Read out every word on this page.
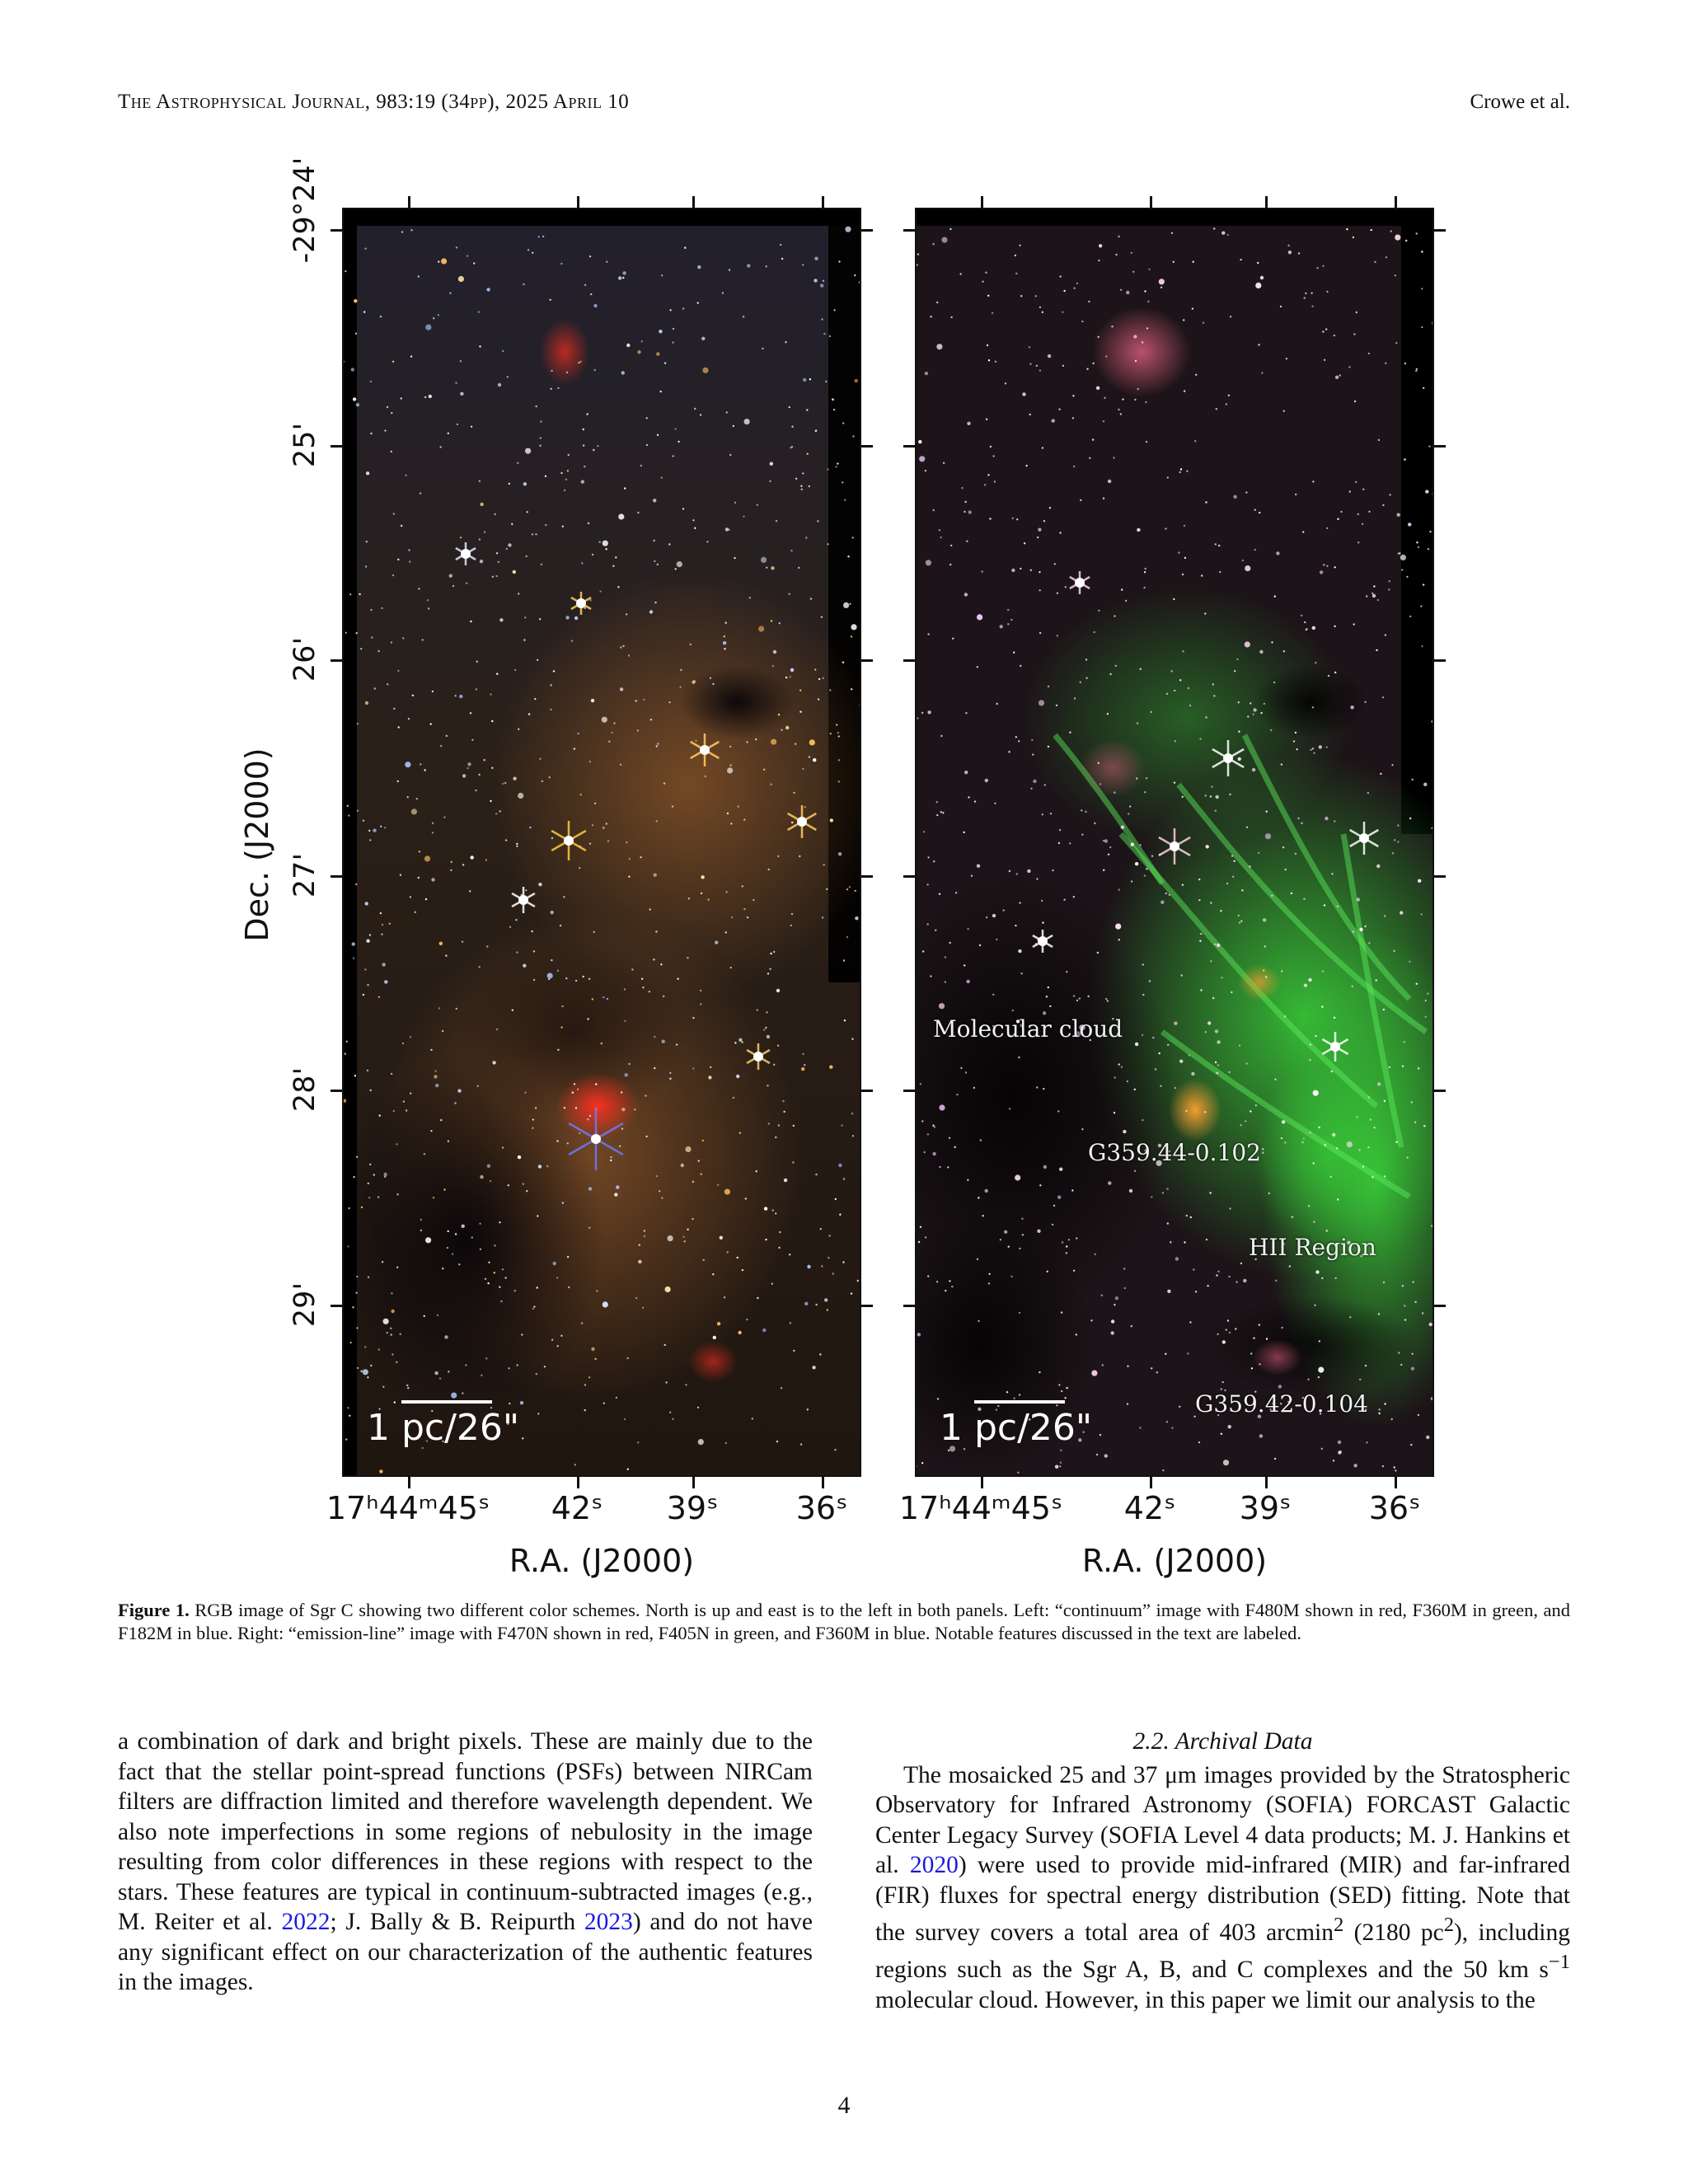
The Astrophysical Journal, 983:19 (34pp), 2025 April 10	Crowe et al.
Dec. (J2000)
-29°24'
25'
26'
27'
28'
29'
1 pc/26"
Molecular cloud
G359.44-0.102
HII Region
G359.42-0.104
1 pc/26"
17ʰ44ᵐ45ˢ 42ˢ 39ˢ 36ˢ
R.A. (J2000)
17ʰ44ᵐ45ˢ 42ˢ 39ˢ 36ˢ
R.A. (J2000)
Figure 1. RGB image of Sgr C showing two different color schemes. North is up and east is to the left in both panels. Left: “continuum” image with F480M shown in red, F360M in green, and F182M in blue. Right: “emission-line” image with F470N shown in red, F405N in green, and F360M in blue. Notable features discussed in the text are labeled.
a combination of dark and bright pixels. These are mainly due to the fact that the stellar point-spread functions (PSFs) between NIRCam filters are diffraction limited and therefore wavelength dependent. We also note imperfections in some regions of nebulosity in the image resulting from color differences in these regions with respect to the stars. These features are typical in continuum-subtracted images (e.g., M. Reiter et al. 2022; J. Bally & B. Reipurth 2023) and do not have any significant effect on our characterization of the authentic features in the images.
2.2. Archival Data
The mosaicked 25 and 37 μm images provided by the Stratospheric Observatory for Infrared Astronomy (SOFIA) FORCAST Galactic Center Legacy Survey (SOFIA Level 4 data products; M. J. Hankins et al. 2020) were used to provide mid-infrared (MIR) and far-infrared (FIR) fluxes for spectral energy distribution (SED) fitting. Note that the survey covers a total area of 403 arcmin$^2$ (2180 $pc^2$), including regions such as the Sgr A, B, and C complexes and the 50 km $s^{-1}$ molecular cloud. However, in this paper we limit our analysis to the
4
